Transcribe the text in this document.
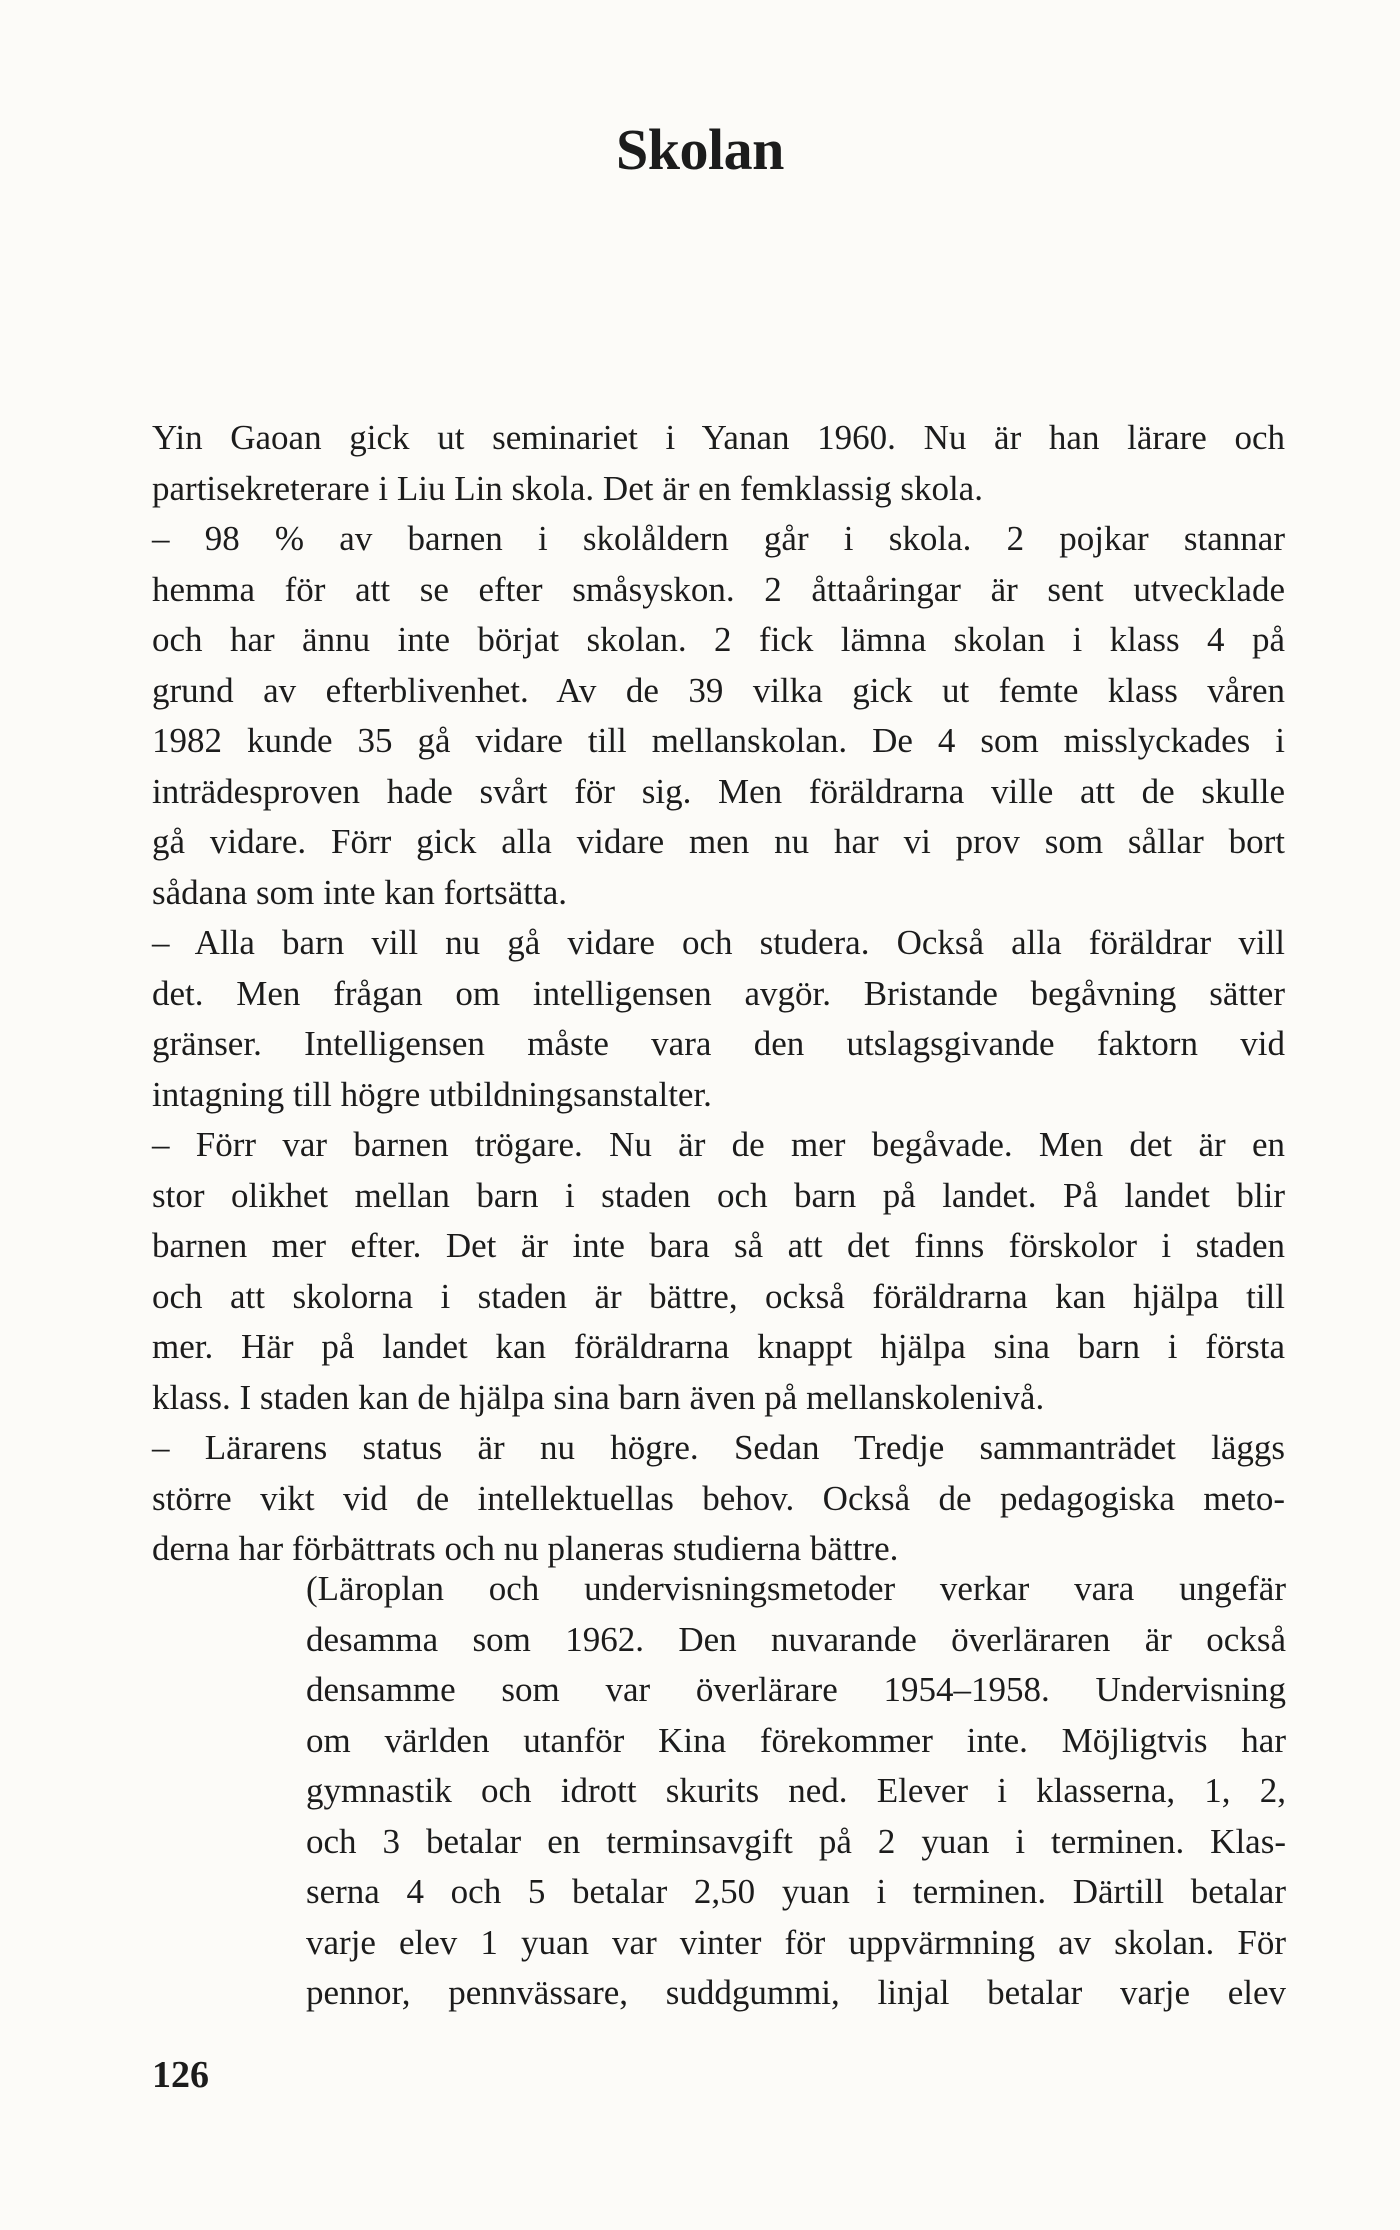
Skolan
Yin Gaoan gick ut seminariet i Yanan 1960. Nu är han lärare och
partisekreterare i Liu Lin skola. Det är en femklassig skola.
– 98 % av barnen i skolåldern går i skola. 2 pojkar stannar
hemma för att se efter småsyskon. 2 åttaåringar är sent utvecklade
och har ännu inte börjat skolan. 2 fick lämna skolan i klass 4 på
grund av efterblivenhet. Av de 39 vilka gick ut femte klass våren
1982 kunde 35 gå vidare till mellanskolan. De 4 som misslyckades i
inträdesproven hade svårt för sig. Men föräldrarna ville att de skulle
gå vidare. Förr gick alla vidare men nu har vi prov som sållar bort
sådana som inte kan fortsätta.
– Alla barn vill nu gå vidare och studera. Också alla föräldrar vill
det. Men frågan om intelligensen avgör. Bristande begåvning sätter
gränser. Intelligensen måste vara den utslagsgivande faktorn vid
intagning till högre utbildningsanstalter.
– Förr var barnen trögare. Nu är de mer begåvade. Men det är en
stor olikhet mellan barn i staden och barn på landet. På landet blir
barnen mer efter. Det är inte bara så att det finns förskolor i staden
och att skolorna i staden är bättre, också föräldrarna kan hjälpa till
mer. Här på landet kan föräldrarna knappt hjälpa sina barn i första
klass. I staden kan de hjälpa sina barn även på mellanskolenivå.
– Lärarens status är nu högre. Sedan Tredje sammanträdet läggs
större vikt vid de intellektuellas behov. Också de pedagogiska meto-
derna har förbättrats och nu planeras studierna bättre.
(Läroplan och undervisningsmetoder verkar vara ungefär
desamma som 1962. Den nuvarande överläraren är också
densamme som var överlärare 1954–1958. Undervisning
om världen utanför Kina förekommer inte. Möjligtvis har
gymnastik och idrott skurits ned. Elever i klasserna, 1, 2,
och 3 betalar en terminsavgift på 2 yuan i terminen. Klas-
serna 4 och 5 betalar 2,50 yuan i terminen. Därtill betalar
varje elev 1 yuan var vinter för uppvärmning av skolan. För
pennor, pennvässare, suddgummi, linjal betalar varje elev

126
